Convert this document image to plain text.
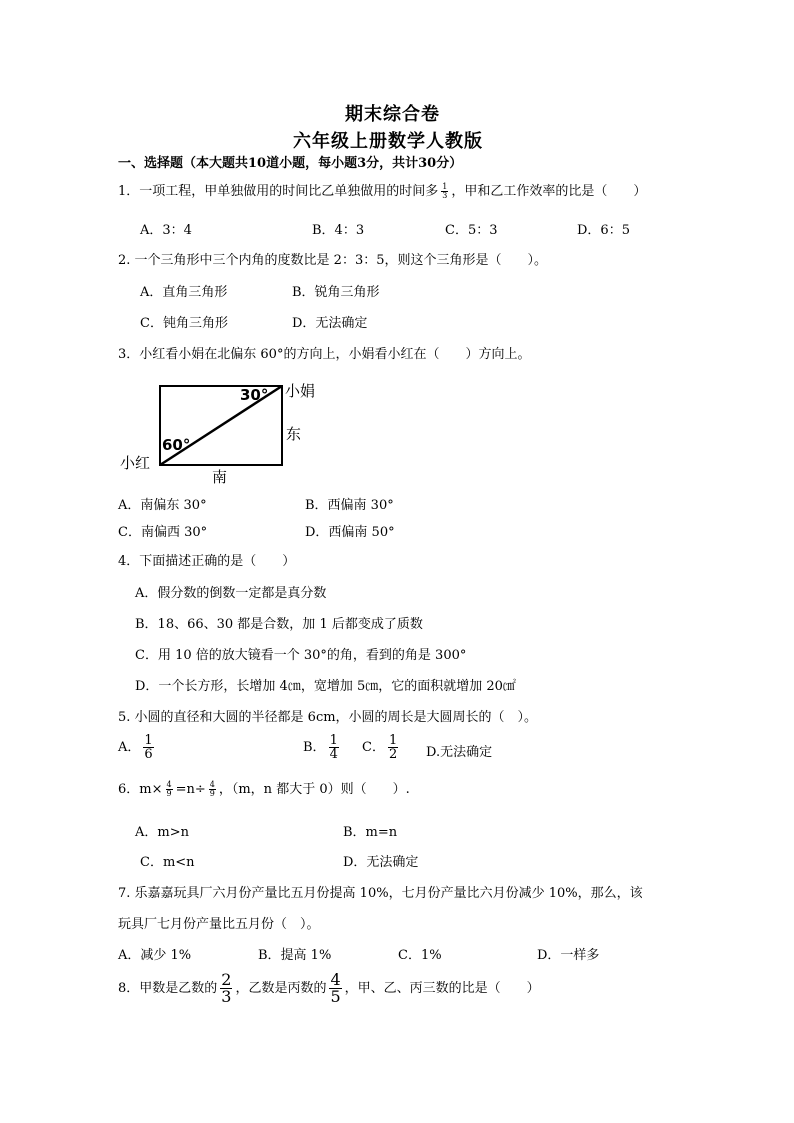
期末综合卷
六年级上册数学人教版
一、选择题（本大题共10道小题，每小题3分，共计30分）
1．一项工程，甲单独做用的时间比乙单独做用的时间多 $\frac{1}{3}$ ，甲和乙工作效率的比是（　　）
A．3：4	B．4：3	C．5：3	D．6：5
2. 一个三角形中三个内角的度数比是 2：3：5，则这个三角形是（　　）。
A．直角三角形	B．锐角三角形
C．钝角三角形	D．无法确定
3．小红看小娟在北偏东 60°的方向上，小娟看小红在（　　）方向上。
30°
60°
小娟
东
小红
南
A．南偏东 30°	B．西偏南 30°
C．南偏西 30°	D．西偏南 50°
4．下面描述正确的是（　　）
A．假分数的倒数一定都是真分数
B．18、66、30 都是合数，加 1 后都变成了质数
C．用 10 倍的放大镜看一个 30°的角，看到的角是 300°
D．一个长方形，长增加 4㎝，宽增加 5㎝，它的面积就增加 20㎠
5. 小圆的直径和大圆的半径都是 6cm，小圆的周长是大圆周长的（　）。
A． $\frac{1}{6}$	B． $\frac{1}{4}$ C． $\frac{1}{2} D$.无法确定
6．$m\times \frac{4}{9} =n\div \frac{4}{9}$ ，（m，n 都大于 0）则（　　）.
A．m>n	B．m=n
C．m<n	D．无法确定
7. 乐嘉嘉玩具厂六月份产量比五月份提高 10%，七月份产量比六月份减少 10%，那么，该
玩具厂七月份产量比五月份（　）。
A．减少 1%	B．提高 1%	C．1%	D．一样多
8．甲数是乙数的 $\frac{2}{3}$ ，乙数是丙数的 $\frac{4}{5}$ ，甲、乙、丙三数的比是（　　）
